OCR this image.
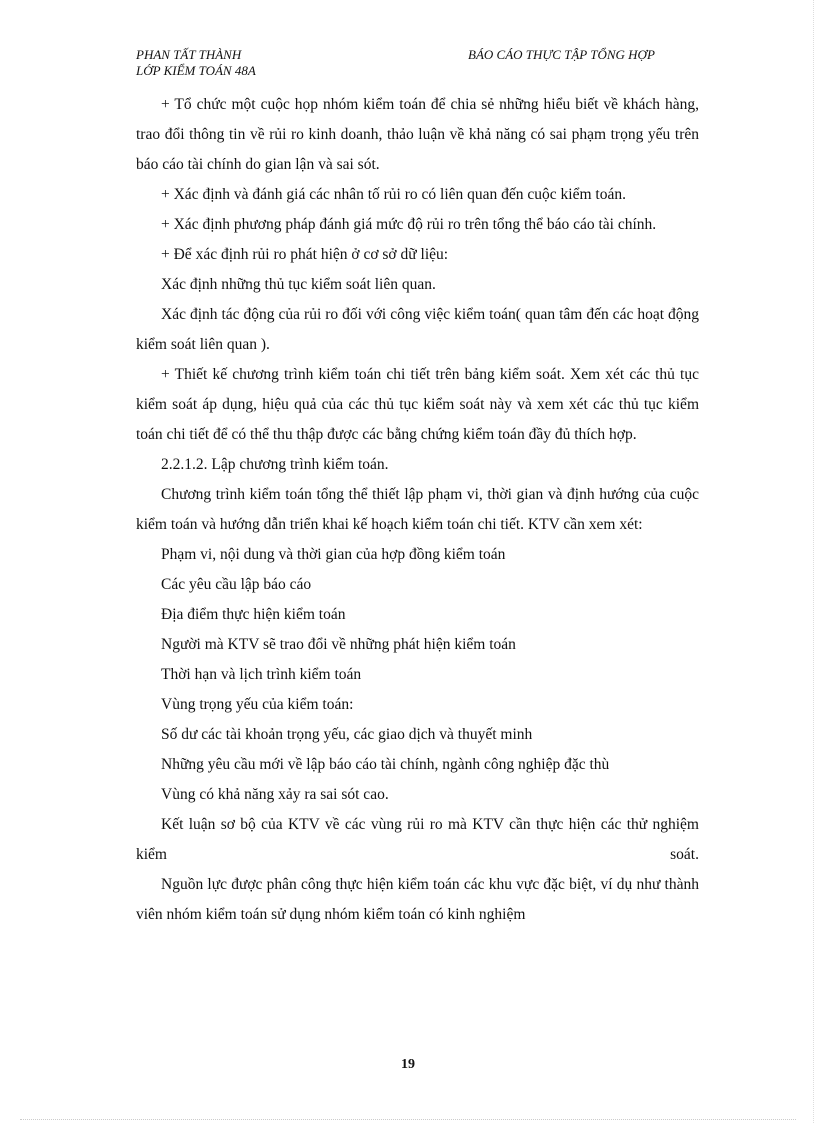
PHAN TẤT THÀNH
LỚP KIỂM TOÁN 48A
BÁO CÁO THỰC TẬP TỔNG HỢP

+ Tổ chức một cuộc họp nhóm kiểm toán để chia sẻ những hiểu biết về khách hàng, trao đổi thông tin về rủi ro kinh doanh, thảo luận về khả năng có sai phạm trọng yếu trên báo cáo tài chính do gian lận và sai sót.

+ Xác định và đánh giá các nhân tố rủi ro có liên quan đến cuộc kiểm toán.

+ Xác định phương pháp đánh giá mức độ rủi ro trên tổng thể báo cáo tài chính.

+ Để xác định rủi ro phát hiện ở cơ sở dữ liệu:

Xác định những thủ tục kiểm soát liên quan.

Xác định tác động của rủi ro đối với công việc kiểm toán( quan tâm đến các hoạt động kiểm soát liên quan ).

+ Thiết kế chương trình kiểm toán chi tiết trên bảng kiểm soát. Xem xét các thủ tục kiểm soát áp dụng, hiệu quả của các thủ tục kiểm soát này và xem xét các thủ tục kiểm toán chi tiết để có thể thu thập được các bằng chứng kiểm toán đầy đủ thích hợp.

2.2.1.2. Lập chương trình kiểm toán.

Chương trình kiểm toán tổng thể thiết lập phạm vi, thời gian và định hướng của cuộc kiểm toán và hướng dẫn triển khai kế hoạch kiểm toán chi tiết. KTV cần xem xét:

Phạm vi, nội dung và thời gian của hợp đồng kiểm toán

Các yêu cầu lập báo cáo

Địa điểm thực hiện kiểm toán

Người mà KTV sẽ trao đổi về những phát hiện kiểm toán

Thời hạn và lịch trình kiểm toán

Vùng trọng yếu của kiểm toán:

Số dư các tài khoản trọng yếu, các giao dịch và thuyết minh

Những yêu cầu mới về lập báo cáo tài chính, ngành công nghiệp đặc thù

Vùng có khả năng xảy ra sai sót cao.

Kết luận sơ bộ của KTV về các vùng rủi ro mà KTV cần thực hiện các thử nghiệm kiểm soát.

Nguồn lực được phân công thực hiện kiểm toán các khu vực đặc biệt, ví dụ như thành viên nhóm kiểm toán sử dụng nhóm kiểm toán có kinh nghiệm

19
